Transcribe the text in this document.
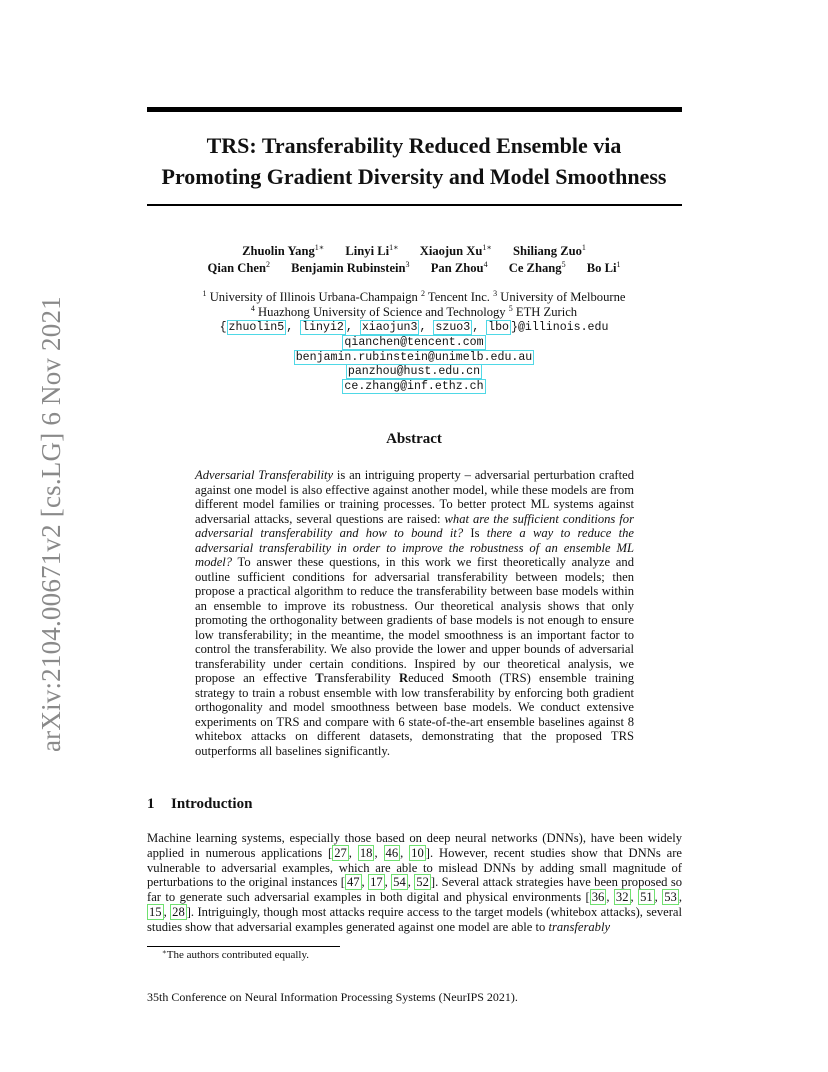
arXiv:2104.00671v2 [cs.LG] 6 Nov 2021
TRS: Transferability Reduced Ensemble via
Promoting Gradient Diversity and Model Smoothness
Zhuolin Yang$^{1∗}$ Linyi $Li^{1∗}$ Xiaojun $Xu^{1∗}$ Shiliang Zuo$^1$
Qian Chen$^2$ Benjamin Rubinstein$^3$ Pan Zhou$^4$ Ce Zhang$^5$ Bo Li$^1$
$^1$ University of Illinois Urbana-Champaign $^2$ Tencent Inc. $^3$ University of Melbourne
$^4$ Huazhong University of Science and Technology $^5$ ETH Zurich
{ zhuolin5 , linyi2 , xiaojun3 , szuo3 , lbo }@illinois.edu
qianchen@tencent.com
benjamin.rubinstein@unimelb.edu.au
panzhou@hust.edu.cn
ce.zhang@inf.ethz.ch
Abstract
Adversarial Transferability is an intriguing property – adversarial perturbation crafted against one model is also effective against another model, while these models are from different model families or training processes. To better protect ML systems against adversarial attacks, several questions are raised: what are the sufficient conditions for adversarial transferability and how to bound it? Is there a way to reduce the adversarial transferability in order to improve the robustness of an ensemble ML model? To answer these questions, in this work we first theoretically analyze and outline sufficient conditions for adversarial transferability between models; then propose a practical algorithm to reduce the transferability between base models within an ensemble to improve its robustness. Our theoretical analysis shows that only promoting the orthogonality between gradients of base models is not enough to ensure low transferability; in the meantime, the model smoothness is an important factor to control the transferability. We also provide the lower and upper bounds of adversarial transferability under certain conditions. Inspired by our theoretical analysis, we propose an effective Transferability Reduced Smooth (TRS) ensemble training strategy to train a robust ensemble with low transferability by enforcing both gradient orthogonality and model smoothness between base models. We conduct extensive experiments on TRS and compare with 6 state-of-the-art ensemble baselines against 8 whitebox attacks on different datasets, demonstrating that the proposed TRS outperforms all baselines significantly.
1 Introduction
Machine learning systems, especially those based on deep neural networks (DNNs), have been widely applied in numerous applications [ 27 , 18 , 46 , 10 ]. However, recent studies show that DNNs are vulnerable to adversarial examples, which are able to mislead DNNs by adding small magnitude of perturbations to the original instances [ 47 , 17 , 54 , 52 ]. Several attack strategies have been proposed so far to generate such adversarial examples in both digital and physical environments [ 36 , 32 , 51 , 53 , 15 , 28 ]. Intriguingly, though most attacks require access to the target models (whitebox attacks), several studies show that adversarial examples generated against one model are able to transferably
∗The authors contributed equally.
35th Conference on Neural Information Processing Systems (NeurIPS 2021).
